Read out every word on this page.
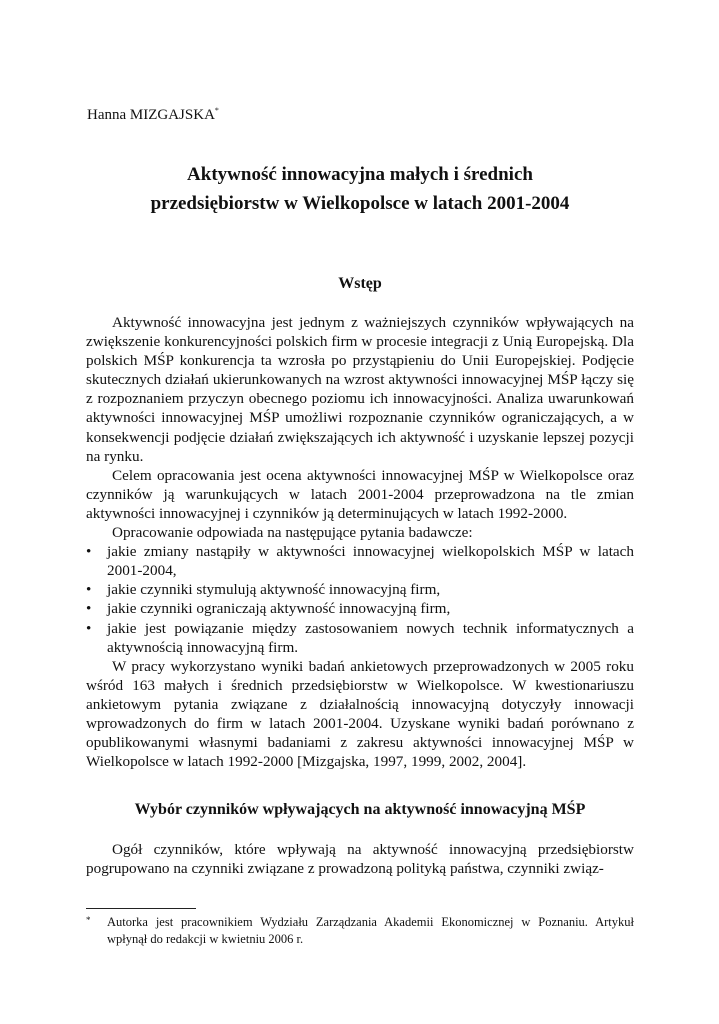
Hanna MIZGAJSKA*
Aktywność innowacyjna małych i średnich
przedsiębiorstw w Wielkopolsce w latach 2001-2004
Wstęp

Aktywność innowacyjna jest jednym z ważniejszych czynników wpływających na zwiększenie konkurencyjności polskich firm w procesie integracji z Unią Europejską. Dla polskich MŚP konkurencja ta wzrosła po przystąpieniu do Unii Europejskiej. Podjęcie skutecznych działań ukierunkowanych na wzrost aktywności innowacyjnej MŚP łączy się z rozpoznaniem przyczyn obecnego poziomu ich innowacyjności. Analiza uwarunkowań aktywności innowacyjnej MŚP umożliwi rozpoznanie czynników ograniczających, a w konsekwencji podjęcie działań zwiększających ich aktywność i uzyskanie lepszej pozycji na rynku.

Celem opracowania jest ocena aktywności innowacyjnej MŚP w Wielkopolsce oraz czynników ją warunkujących w latach 2001-2004 przeprowadzona na tle zmian aktywności innowacyjnej i czynników ją determinujących w latach 1992-2000.

Opracowanie odpowiada na następujące pytania badawcze:

• jakie zmiany nastąpiły w aktywności innowacyjnej wielkopolskich MŚP w latach 2001-2004,
• jakie czynniki stymulują aktywność innowacyjną firm,
• jakie czynniki ograniczają aktywność innowacyjną firm,
• jakie jest powiązanie między zastosowaniem nowych technik informatycznych a aktywnością innowacyjną firm.

W pracy wykorzystano wyniki badań ankietowych przeprowadzonych w 2005 roku wśród 163 małych i średnich przedsiębiorstw w Wielkopolsce. W kwestionariuszu ankietowym pytania związane z działalnością innowacyjną dotyczyły innowacji wprowadzonych do firm w latach 2001-2004. Uzyskane wyniki badań porównano z opublikowanymi własnymi badaniami z zakresu aktywności innowacyjnej MŚP w Wielkopolsce w latach 1992-2000 [Mizgajska, 1997, 1999, 2002, 2004].

Wybór czynników wpływających na aktywność innowacyjną MŚP

Ogół czynników, które wpływają na aktywność innowacyjną przedsiębiorstw pogrupowano na czynniki związane z prowadzoną polityką państwa, czynniki związ-

*	Autorka jest pracownikiem Wydziału Zarządzania Akademii Ekonomicznej w Poznaniu. Artykuł wpłynął do redakcji w kwietniu 2006 r.
